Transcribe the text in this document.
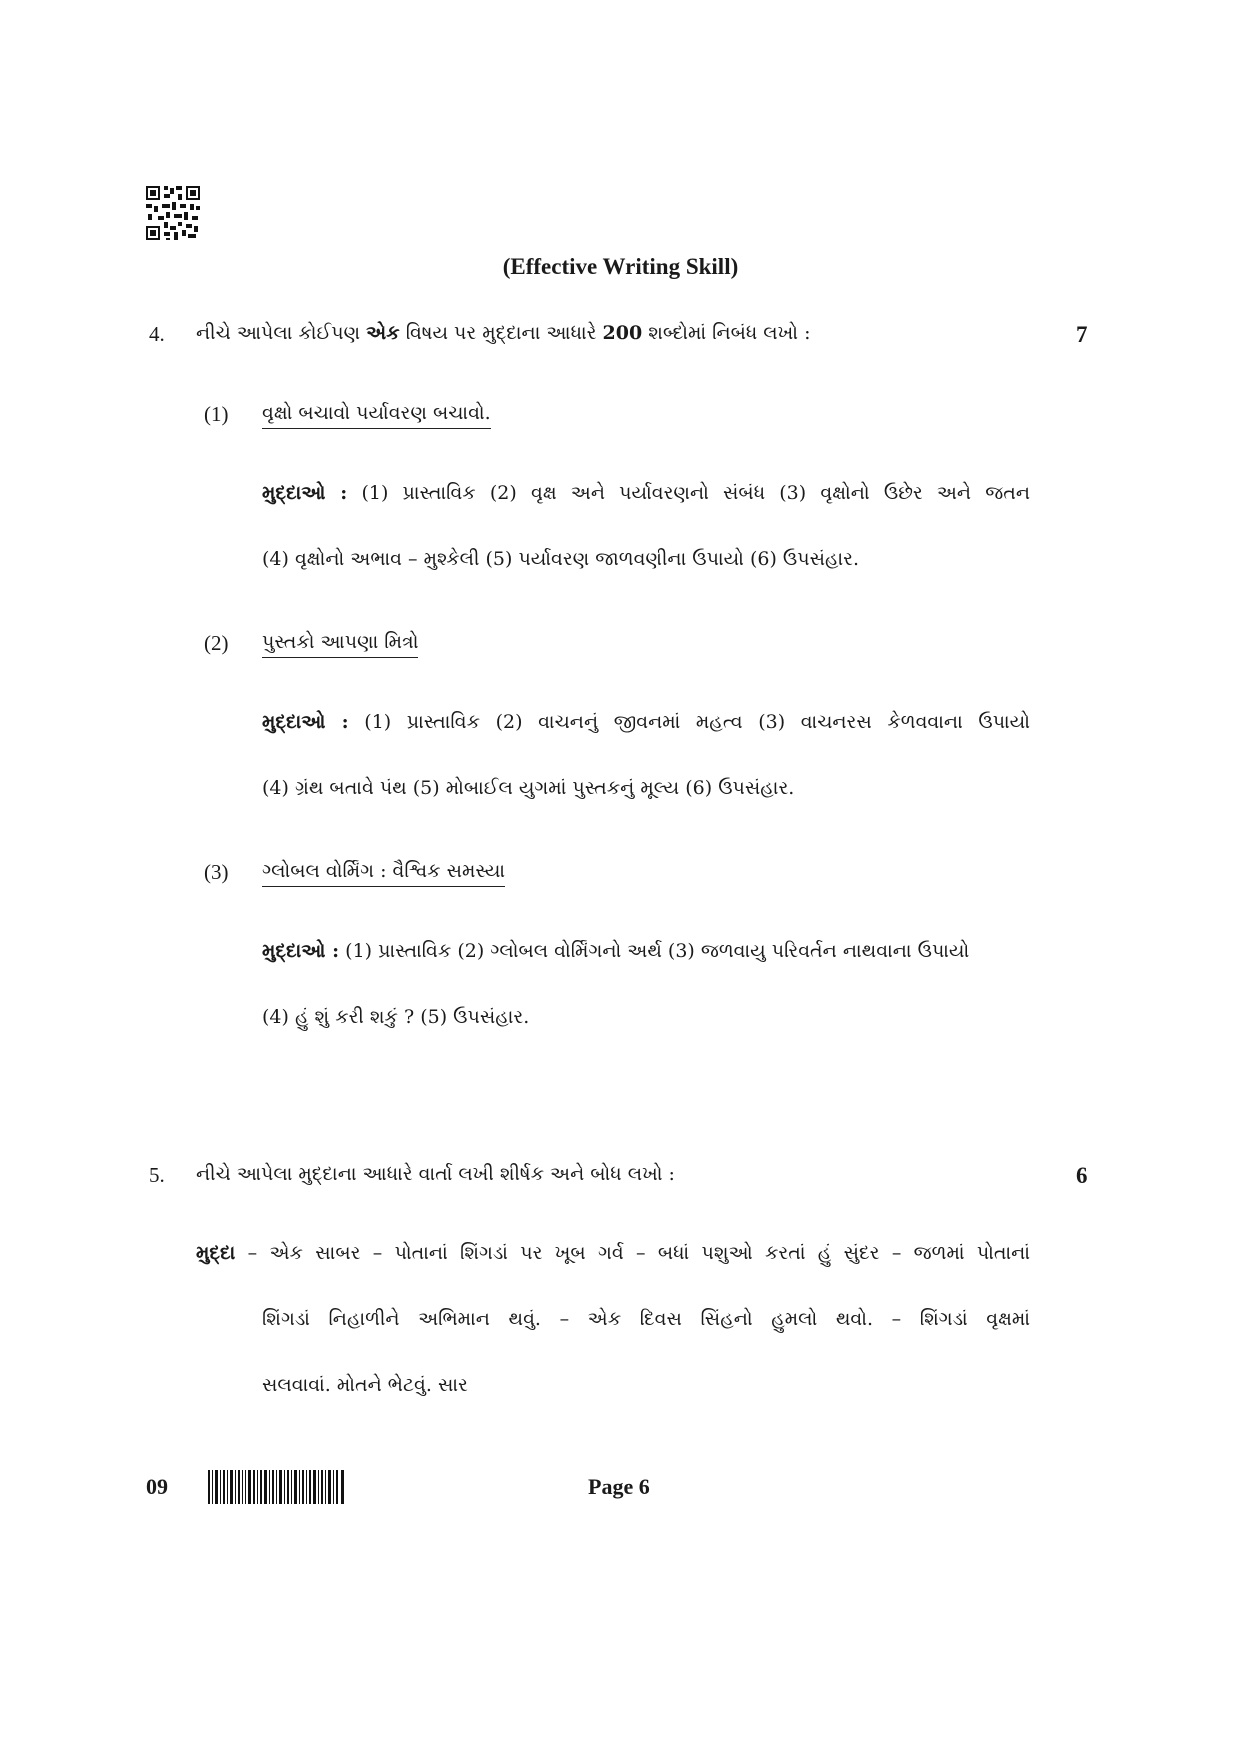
(Effective Writing Skill)
4. નીચે આપેલા કોઈપણ એક વિષય પર મુદ્દાના આધારે 200 શબ્દોમાં નિબંધ લખો :	7
(1) વૃક્ષો બચાવો પર્યાવરણ બચાવો.
મુદ્દાઓ : (1) પ્રાસ્તાવિક (2) વૃક્ષ અને પર્યાવરણનો સંબંધ (3) વૃક્ષોનો ઉછેર અને જતન
(4) વૃક્ષોનો અભાવ – મુશ્કેલી (5) પર્યાવરણ જાળવણીના ઉપાયો (6) ઉપસંહાર.
(2) પુસ્તકો આપણા મિત્રો
મુદ્દાઓ : (1) પ્રાસ્તાવિક (2) વાચનનું જીવનમાં મહત્વ (3) વાચનરસ કેળવવાના ઉપાયો
(4) ગ્રંથ બતાવે પંથ (5) મોબાઈલ યુગમાં પુસ્તકનું મૂલ્ય (6) ઉપસંહાર.
(3) ગ્લોબલ વોર્મિંગ : વૈશ્વિક સમસ્યા
મુદ્દાઓ : (1) પ્રાસ્તાવિક (2) ગ્લોબલ વોર્મિંગનો અર્થ (3) જળવાયુ પરિવર્તન નાથવાના ઉપાયો
(4) હું શું કરી શકું ? (5) ઉપસંહાર.
5. નીચે આપેલા મુદ્દાના આધારે વાર્તા લખી શીર્ષક અને બોધ લખો :	6
મુદ્દા – એક સાબર – પોતાનાં શિંગડાં પર ખૂબ ગર્વ – બધાં પશુઓ કરતાં હું સુંદર – જળમાં પોતાનાં
શિંગડાં નિહાળીને અભિમાન થવું. – એક દિવસ સિંહનો હુમલો થવો. – શિંગડાં વૃક્ષમાં
સલવાવાં. મોતને ભેટવું. સાર
09	Page 6
